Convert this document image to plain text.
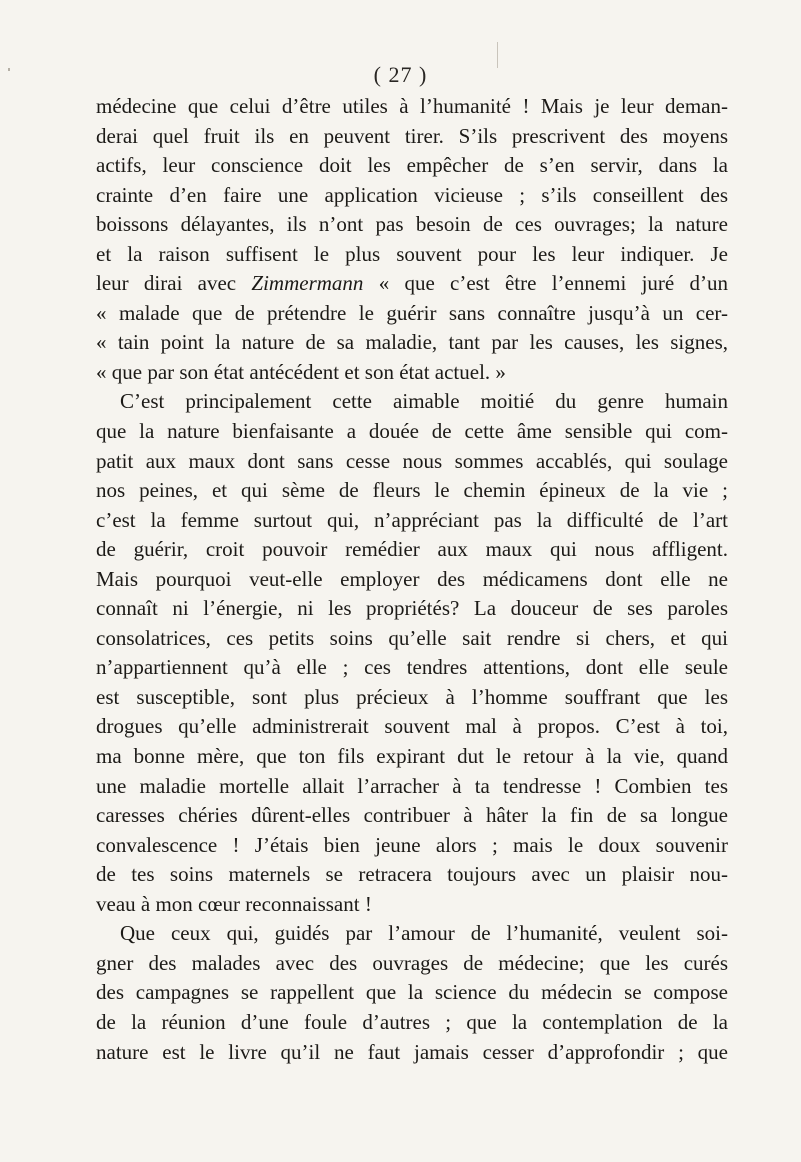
( 27 )
médecine que celui d’être utiles à l’humanité ! Mais je leur deman-
derai quel fruit ils en peuvent tirer. S’ils prescrivent des moyens
actifs, leur conscience doit les empêcher de s’en servir, dans la
crainte d’en faire une application vicieuse ; s’ils conseillent des
boissons délayantes, ils n’ont pas besoin de ces ouvrages; la nature
et la raison suffisent le plus souvent pour les leur indiquer. Je
leur dirai avec Zimmermann « que c’est être l’ennemi juré d’un
« malade que de prétendre le guérir sans connaître jusqu’à un cer-
« tain point la nature de sa maladie, tant par les causes, les signes,
« que par son état antécédent et son état actuel. »
C’est principalement cette aimable moitié du genre humain
que la nature bienfaisante a douée de cette âme sensible qui com-
patit aux maux dont sans cesse nous sommes accablés, qui soulage
nos peines, et qui sème de fleurs le chemin épineux de la vie ;
c’est la femme surtout qui, n’appréciant pas la difficulté de l’art
de guérir, croit pouvoir remédier aux maux qui nous affligent.
Mais pourquoi veut-elle employer des médicamens dont elle ne
connaît ni l’énergie, ni les propriétés? La douceur de ses paroles
consolatrices, ces petits soins qu’elle sait rendre si chers, et qui
n’appartiennent qu’à elle ; ces tendres attentions, dont elle seule
est susceptible, sont plus précieux à l’homme souffrant que les
drogues qu’elle administrerait souvent mal à propos. C’est à toi,
ma bonne mère, que ton fils expirant dut le retour à la vie, quand
une maladie mortelle allait l’arracher à ta tendresse ! Combien tes
caresses chéries dûrent-elles contribuer à hâter la fin de sa longue
convalescence ! J’étais bien jeune alors ; mais le doux souvenir
de tes soins maternels se retracera toujours avec un plaisir nou-
veau à mon cœur reconnaissant !
Que ceux qui, guidés par l’amour de l’humanité, veulent soi-
gner des malades avec des ouvrages de médecine; que les curés
des campagnes se rappellent que la science du médecin se compose
de la réunion d’une foule d’autres ; que la contemplation de la
nature est le livre qu’il ne faut jamais cesser d’approfondir ; que
